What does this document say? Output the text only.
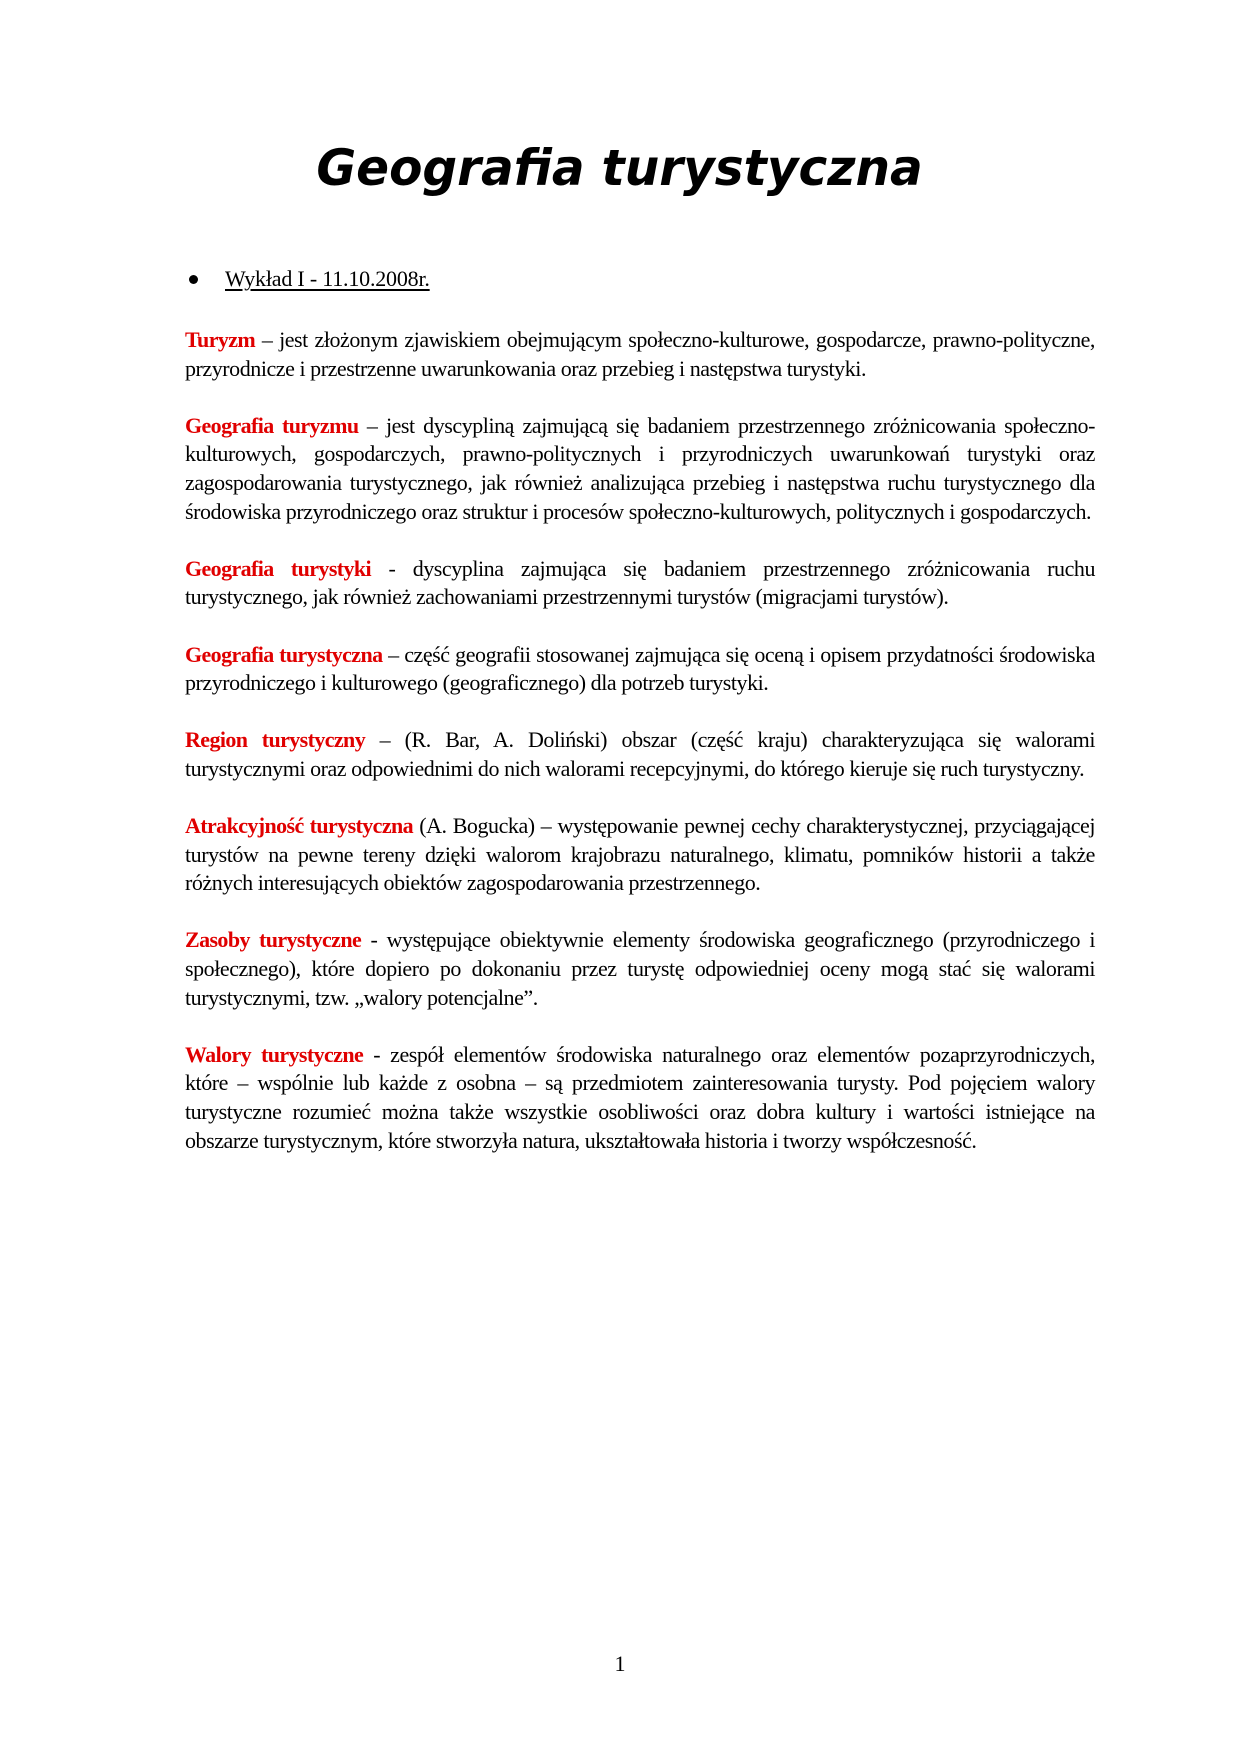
Geografia turystyczna
Wykład I - 11.10.2008r.

Turyzm – jest złożonym zjawiskiem obejmującym społeczno-kulturowe, gospodarcze, prawno-polityczne, przyrodnicze i przestrzenne uwarunkowania oraz przebieg i następstwa turystyki.

Geografia turyzmu – jest dyscypliną zajmującą się badaniem przestrzennego zróżnicowania społeczno-kulturowych, gospodarczych, prawno-politycznych i przyrodniczych uwarunkowań turystyki oraz zagospodarowania turystycznego, jak również analizująca przebieg i następstwa ruchu turystycznego dla środowiska przyrodniczego oraz struktur i procesów społeczno-kulturowych, politycznych i gospodarczych.

Geografia turystyki - dyscyplina zajmująca się badaniem przestrzennego zróżnicowania ruchu turystycznego, jak również zachowaniami przestrzennymi turystów (migracjami turystów).

Geografia turystyczna – część geografii stosowanej zajmująca się oceną i opisem przydatności środowiska przyrodniczego i kulturowego (geograficznego) dla potrzeb turystyki.

Region turystyczny – (R. Bar, A. Doliński) obszar (część kraju) charakteryzująca się walorami turystycznymi oraz odpowiednimi do nich walorami recepcyjnymi, do którego kieruje się ruch turystyczny.

Atrakcyjność turystyczna (A. Bogucka) – występowanie pewnej cechy charakterystycznej, przyciągającej turystów na pewne tereny dzięki walorom krajobrazu naturalnego, klimatu, pomników historii a także różnych interesujących obiektów zagospodarowania przestrzennego.

Zasoby turystyczne - występujące obiektywnie elementy środowiska geograficznego (przyrodniczego i społecznego), które dopiero po dokonaniu przez turystę odpowiedniej oceny mogą stać się walorami turystycznymi, tzw. „walory potencjalne”.

Walory turystyczne - zespół elementów środowiska naturalnego oraz elementów pozaprzyrodniczych, które – wspólnie lub każde z osobna – są przedmiotem zainteresowania turysty. Pod pojęciem walory turystyczne rozumieć można także wszystkie osobliwości oraz dobra kultury i wartości istniejące na obszarze turystycznym, które stworzyła natura, ukształtowała historia i tworzy współczesność.

1
